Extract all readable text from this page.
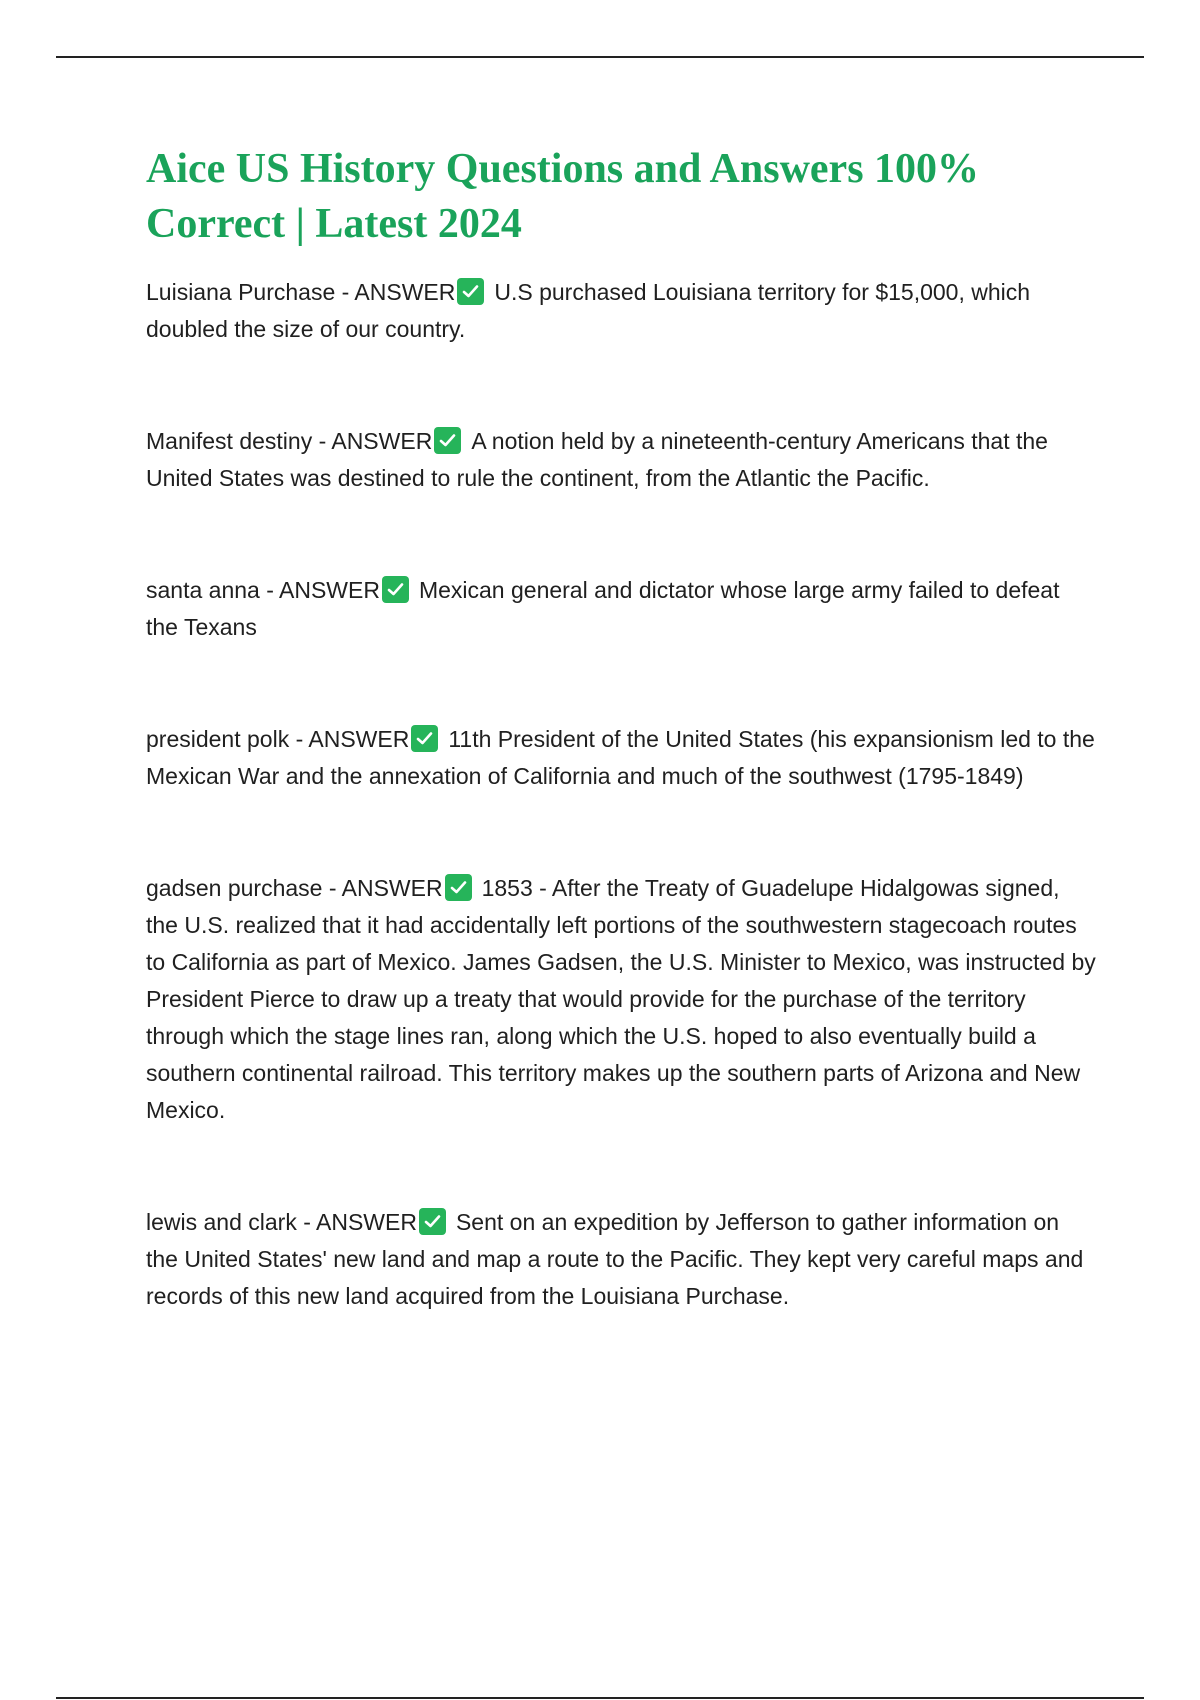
Aice US History Questions and Answers 100% Correct | Latest 2024

Luisiana Purchase - ANSWER U.S purchased Louisiana territory for $15,000, which doubled the size of our country.

Manifest destiny - ANSWER A notion held by a nineteenth-century Americans that the United States was destined to rule the continent, from the Atlantic the Pacific.

santa anna - ANSWER Mexican general and dictator whose large army failed to defeat the Texans

president polk - ANSWER 11th President of the United States (his expansionism led to the Mexican War and the annexation of California and much of the southwest (1795-1849)

gadsen purchase - ANSWER 1853 - After the Treaty of Guadelupe Hidalgowas signed, the U.S. realized that it had accidentally left portions of the southwestern stagecoach routes to California as part of Mexico. James Gadsen, the U.S. Minister to Mexico, was instructed by President Pierce to draw up a treaty that would provide for the purchase of the territory through which the stage lines ran, along which the U.S. hoped to also eventually build a southern continental railroad. This territory makes up the southern parts of Arizona and New Mexico.

lewis and clark - ANSWER Sent on an expedition by Jefferson to gather information on the United States' new land and map a route to the Pacific. They kept very careful maps and records of this new land acquired from the Louisiana Purchase.
